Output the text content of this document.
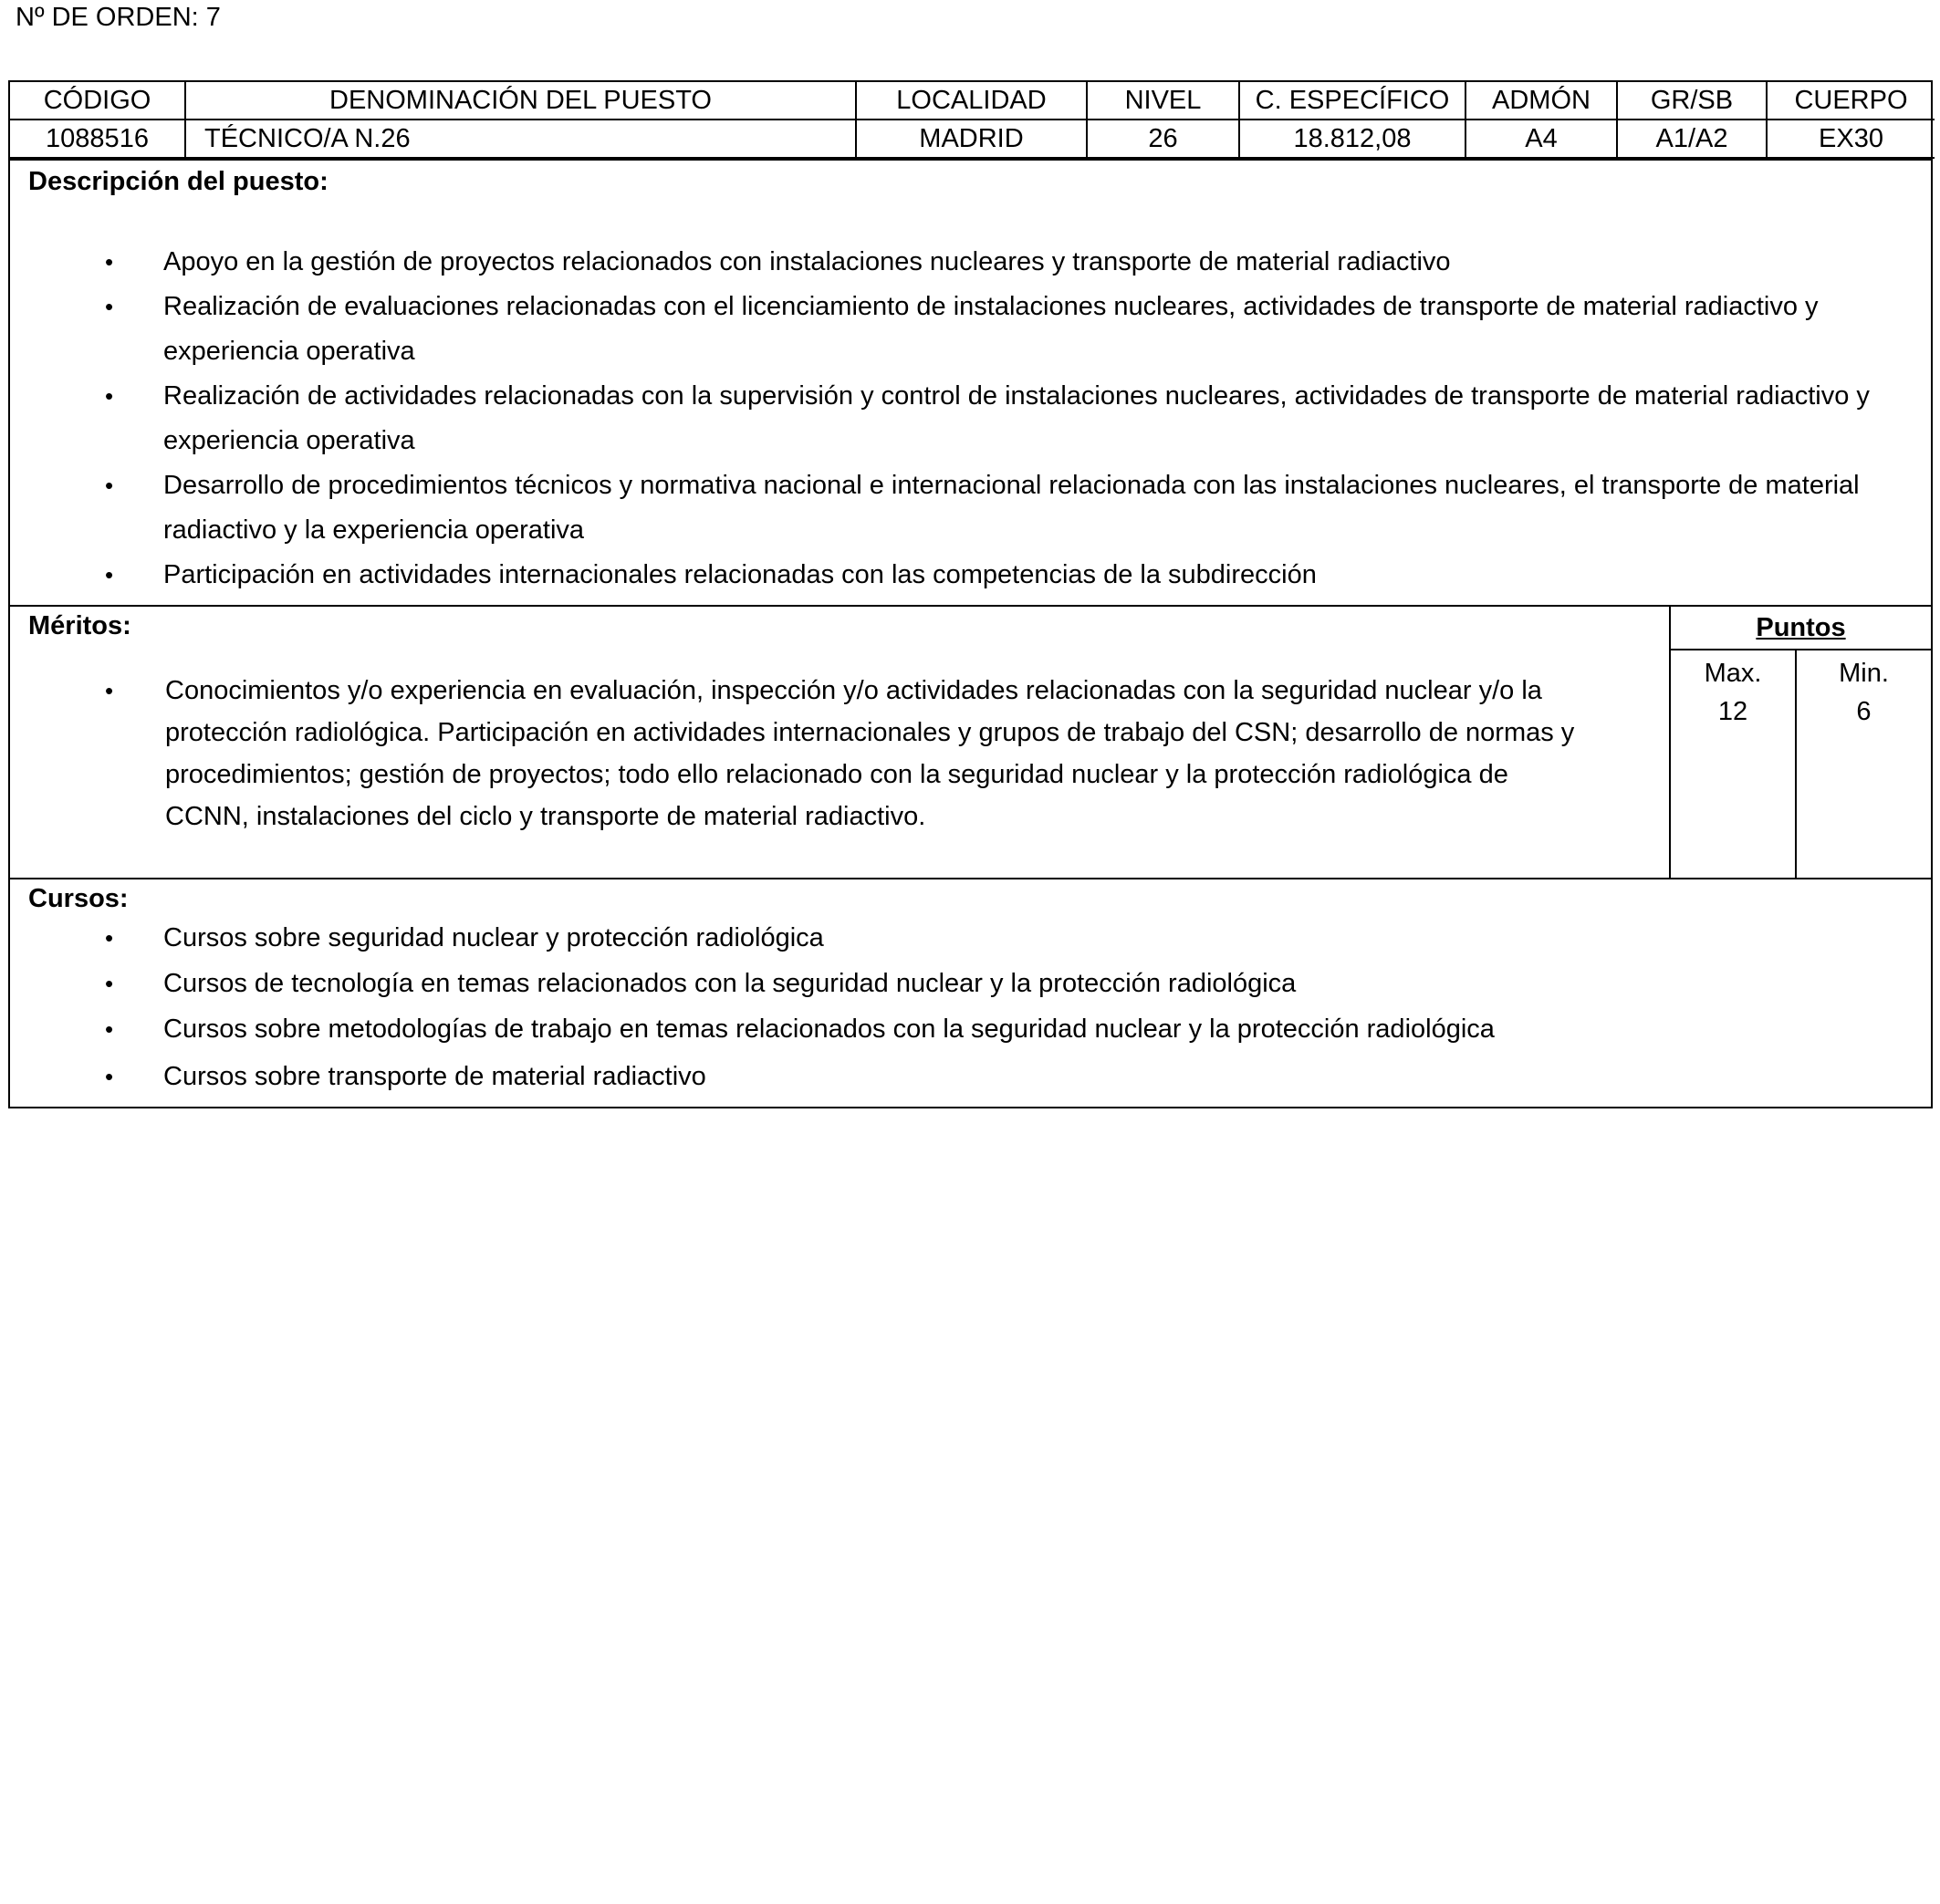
Nº DE ORDEN: 7
CÓDIGO	DENOMINACIÓN DEL PUESTO	LOCALIDAD	NIVEL	C. ESPECÍFICO	ADMÓN	GR/SB	CUERPO
1088516	TÉCNICO/A N.26	MADRID	26	18.812,08	A4	A1/A2	EX30
Descripción del puesto:
• Apoyo en la gestión de proyectos relacionados con instalaciones nucleares y transporte de material radiactivo
• Realización de evaluaciones relacionadas con el licenciamiento de instalaciones nucleares, actividades de transporte de material radiactivo y experiencia operativa
• Realización de actividades relacionadas con la supervisión y control de instalaciones nucleares, actividades de transporte de material radiactivo y experiencia operativa
• Desarrollo de procedimientos técnicos y normativa nacional e internacional relacionada con las instalaciones nucleares, el transporte de material radiactivo y la experiencia operativa
• Participación en actividades internacionales relacionadas con las competencias de la subdirección
Méritos:
• Conocimientos y/o experiencia en evaluación, inspección y/o actividades relacionadas con la seguridad nuclear y/o la protección radiológica. Participación en actividades internacionales y grupos de trabajo del CSN; desarrollo de normas y procedimientos; gestión de proyectos; todo ello relacionado con la seguridad nuclear y la protección radiológica de CCNN, instalaciones del ciclo y transporte de material radiactivo.
Puntos
Max.
12
Min.
6
Cursos:
• Cursos sobre seguridad nuclear y protección radiológica
• Cursos de tecnología en temas relacionados con la seguridad nuclear y la protección radiológica
• Cursos sobre metodologías de trabajo en temas relacionados con la seguridad nuclear y la protección radiológica
• Cursos sobre transporte de material radiactivo
